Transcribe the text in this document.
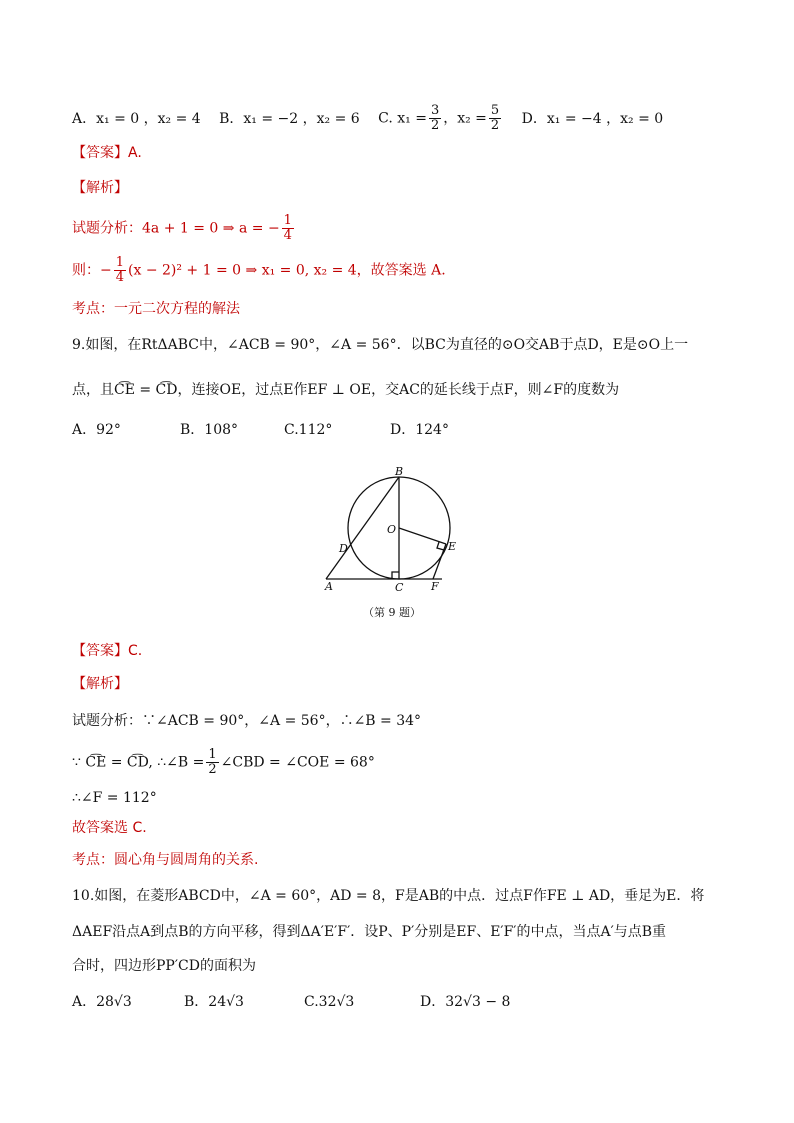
A．x₁ = 0 ，x₂ = 4 B．x₁ = −2 ，x₂ = 6 C. $x_1 = \frac{3}{2}$ ，$x_2 = \frac{5}{2}$ D．x₁ = −4 ，x₂ = 0
【答案】A.
【解析】
试题分析：4a + 1 = 0 ⇒ a = − $\frac{1}{4}$
则：− $\frac{1}{4} (x - 2)^2 + 1 = 0$ ⇒ x₁ = 0, x₂ = 4，故答案选 A.
考点：一元二次方程的解法
9.如图，在RtΔABC中，∠ACB = 90°，∠A = 56°．以BC为直径的⊙O交AB于点D，E是⊙O上一
点，且C͡E = C͡D，连接OE，过点E作EF ⊥ OE，交AC的延长线于点F，则∠F的度数为
A．92°	B．108°	C.112°	D．124°
B
O
D	E
A	C	F
（第 9 题）
【答案】C.
【解析】
试题分析：∵∠ACB = 90°，∠A = 56°，∴∠B = 34°
∵ C͡E = C͡D, ∴∠B = $\frac{1}{2}$ ∠CBD = ∠COE = 68°
∴∠F = 112°
故答案选 C.
考点：圆心角与圆周角的关系.
10.如图，在菱形ABCD中，∠A = 60°，AD = 8，F是AB的中点．过点F作FE ⊥ AD，垂足为E．将
ΔAEF沿点A到点B的方向平移，得到ΔA′E′F′．设P、P′分别是EF、E′F′的中点，当点A′与点B重
合时，四边形PP′CD的面积为
A．28√3	B．24√3	C.32√3	D．32√3 − 8
